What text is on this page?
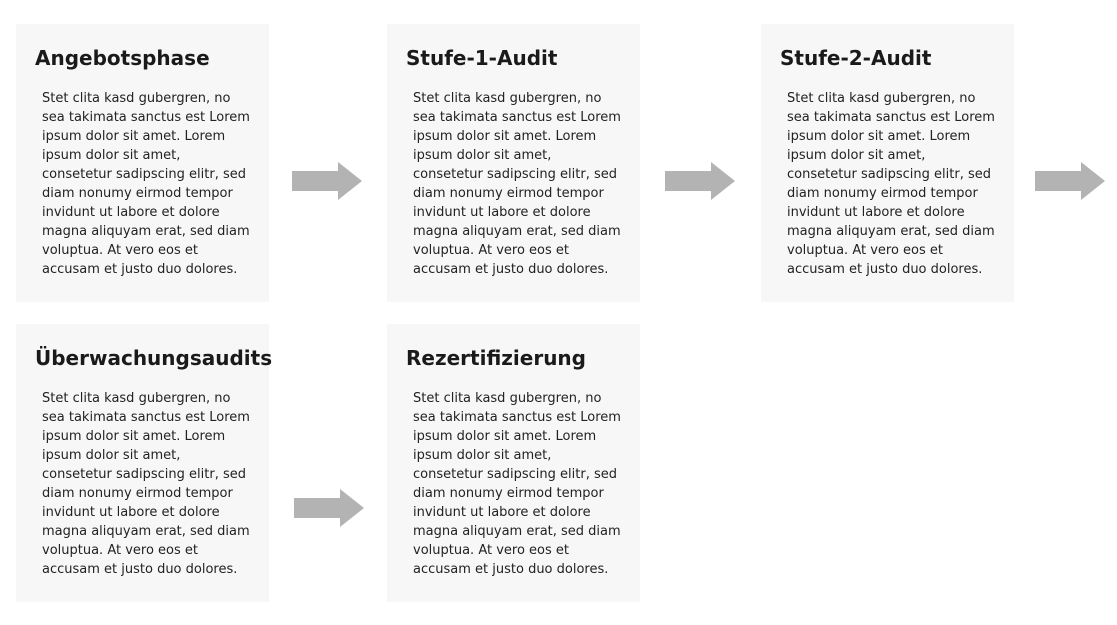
Angebotsphase

Stet clita kasd gubergren, no sea takimata sanctus est Lorem ipsum dolor sit amet. Lorem ipsum dolor sit amet, consetetur sadipscing elitr, sed diam nonumy eirmod tempor invidunt ut labore et dolore magna aliquyam erat, sed diam voluptua. At vero eos et accusam et justo duo dolores.

Stufe-1-Audit

Stet clita kasd gubergren, no sea takimata sanctus est Lorem ipsum dolor sit amet. Lorem ipsum dolor sit amet, consetetur sadipscing elitr, sed diam nonumy eirmod tempor invidunt ut labore et dolore magna aliquyam erat, sed diam voluptua. At vero eos et accusam et justo duo dolores.

Stufe-2-Audit

Stet clita kasd gubergren, no sea takimata sanctus est Lorem ipsum dolor sit amet. Lorem ipsum dolor sit amet, consetetur sadipscing elitr, sed diam nonumy eirmod tempor invidunt ut labore et dolore magna aliquyam erat, sed diam voluptua. At vero eos et accusam et justo duo dolores.

Überwachungsaudits

Stet clita kasd gubergren, no sea takimata sanctus est Lorem ipsum dolor sit amet. Lorem ipsum dolor sit amet, consetetur sadipscing elitr, sed diam nonumy eirmod tempor invidunt ut labore et dolore magna aliquyam erat, sed diam voluptua. At vero eos et accusam et justo duo dolores.

Rezertifizierung

Stet clita kasd gubergren, no sea takimata sanctus est Lorem ipsum dolor sit amet. Lorem ipsum dolor sit amet, consetetur sadipscing elitr, sed diam nonumy eirmod tempor invidunt ut labore et dolore magna aliquyam erat, sed diam voluptua. At vero eos et accusam et justo duo dolores.
